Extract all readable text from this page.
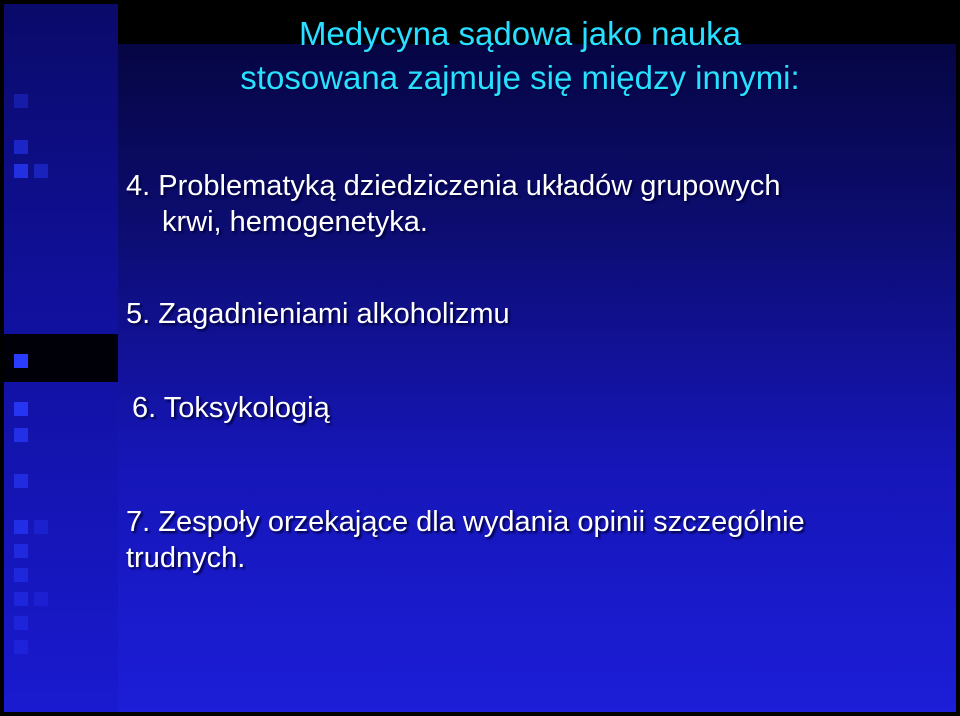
Medycyna sądowa jako nauka
stosowana zajmuje się między innymi:
4. Problematyką dziedziczenia układów grupowych
krwi, hemogenetyka.
5. Zagadnieniami alkoholizmu
6. Toksykologią
7. Zespoły orzekające dla wydania opinii szczególnie
trudnych.
